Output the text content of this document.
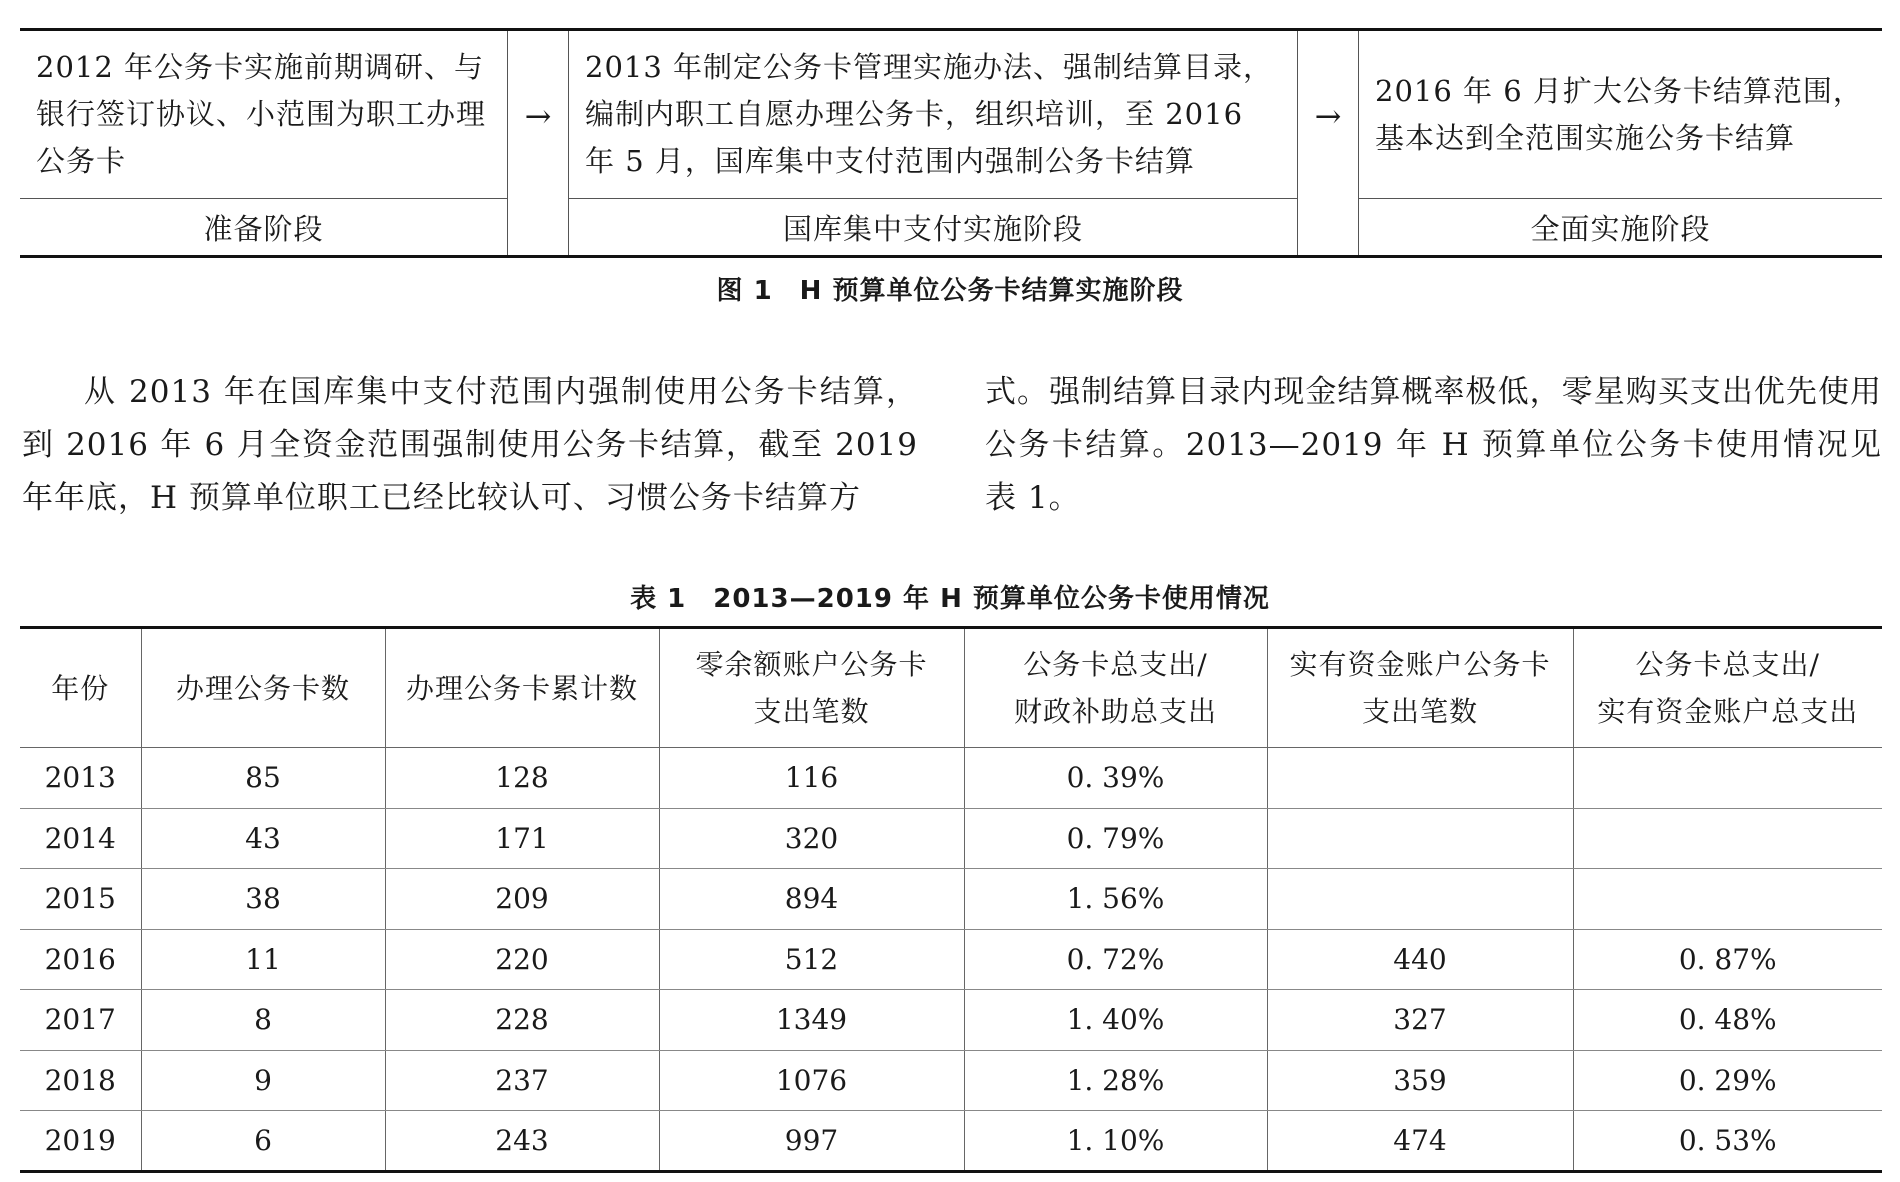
2012 年公务卡实施前期调研、与银行签订协议、小范围为职工办理公务卡
准备阶段
→
2013 年制定公务卡管理实施办法、强制结算目录，编制内职工自愿办理公务卡，组织培训，至 2016 年 5 月，国库集中支付范围内强制公务卡结算
国库集中支付实施阶段
→
2016 年 6 月扩大公务卡结算范围，基本达到全范围实施公务卡结算
全面实施阶段
图 1　H 预算单位公务卡结算实施阶段

从 2013 年在国库集中支付范围内强制使用公务卡结算，到 2016 年 6 月全资金范围强制使用公务卡结算，截至 2019 年年底，H 预算单位职工已经比较认可、习惯公务卡结算方

式。强制结算目录内现金结算概率极低，零星购买支出优先使用公务卡结算。2013—2019 年 H 预算单位公务卡使用情况见表 1。

表 1　2013—2019 年 H 预算单位公务卡使用情况
年份	办理公务卡数	办理公务卡累计数	零余额账户公务卡
支出笔数	公务卡总支出/
财政补助总支出	实有资金账户公务卡
支出笔数	公务卡总支出/
实有资金账户总支出
2013	85	128	116	0. 39%		
2014	43	171	320	0. 79%		
2015	38	209	894	1. 56%		
2016	11	220	512	0. 72%	440	0. 87%
2017	8	228	1349	1. 40%	327	0. 48%
2018	9	237	1076	1. 28%	359	0. 29%
2019	6	243	997	1. 10%	474	0. 53%
